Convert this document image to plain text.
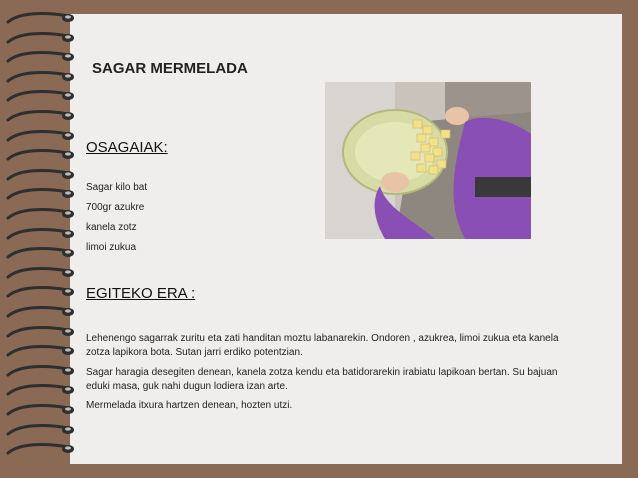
SAGAR MERMELADA
OSAGAIAK:

Sagar kilo bat

700gr azukre

kanela zotz

limoi zukua

EGITEKO ERA :

Lehenengo sagarrak zuritu eta zati handitan moztu labanarekin. Ondoren , azukrea, limoi zukua eta kanela zotza lapikora bota. Sutan jarri erdiko potentzian.

Sagar haragia desegiten denean, kanela zotza kendu eta batidorarekin irabiatu lapikoan bertan. Su bajuan eduki masa, guk nahi dugun lodiera izan arte.

Mermelada itxura hartzen denean, hozten utzi.
